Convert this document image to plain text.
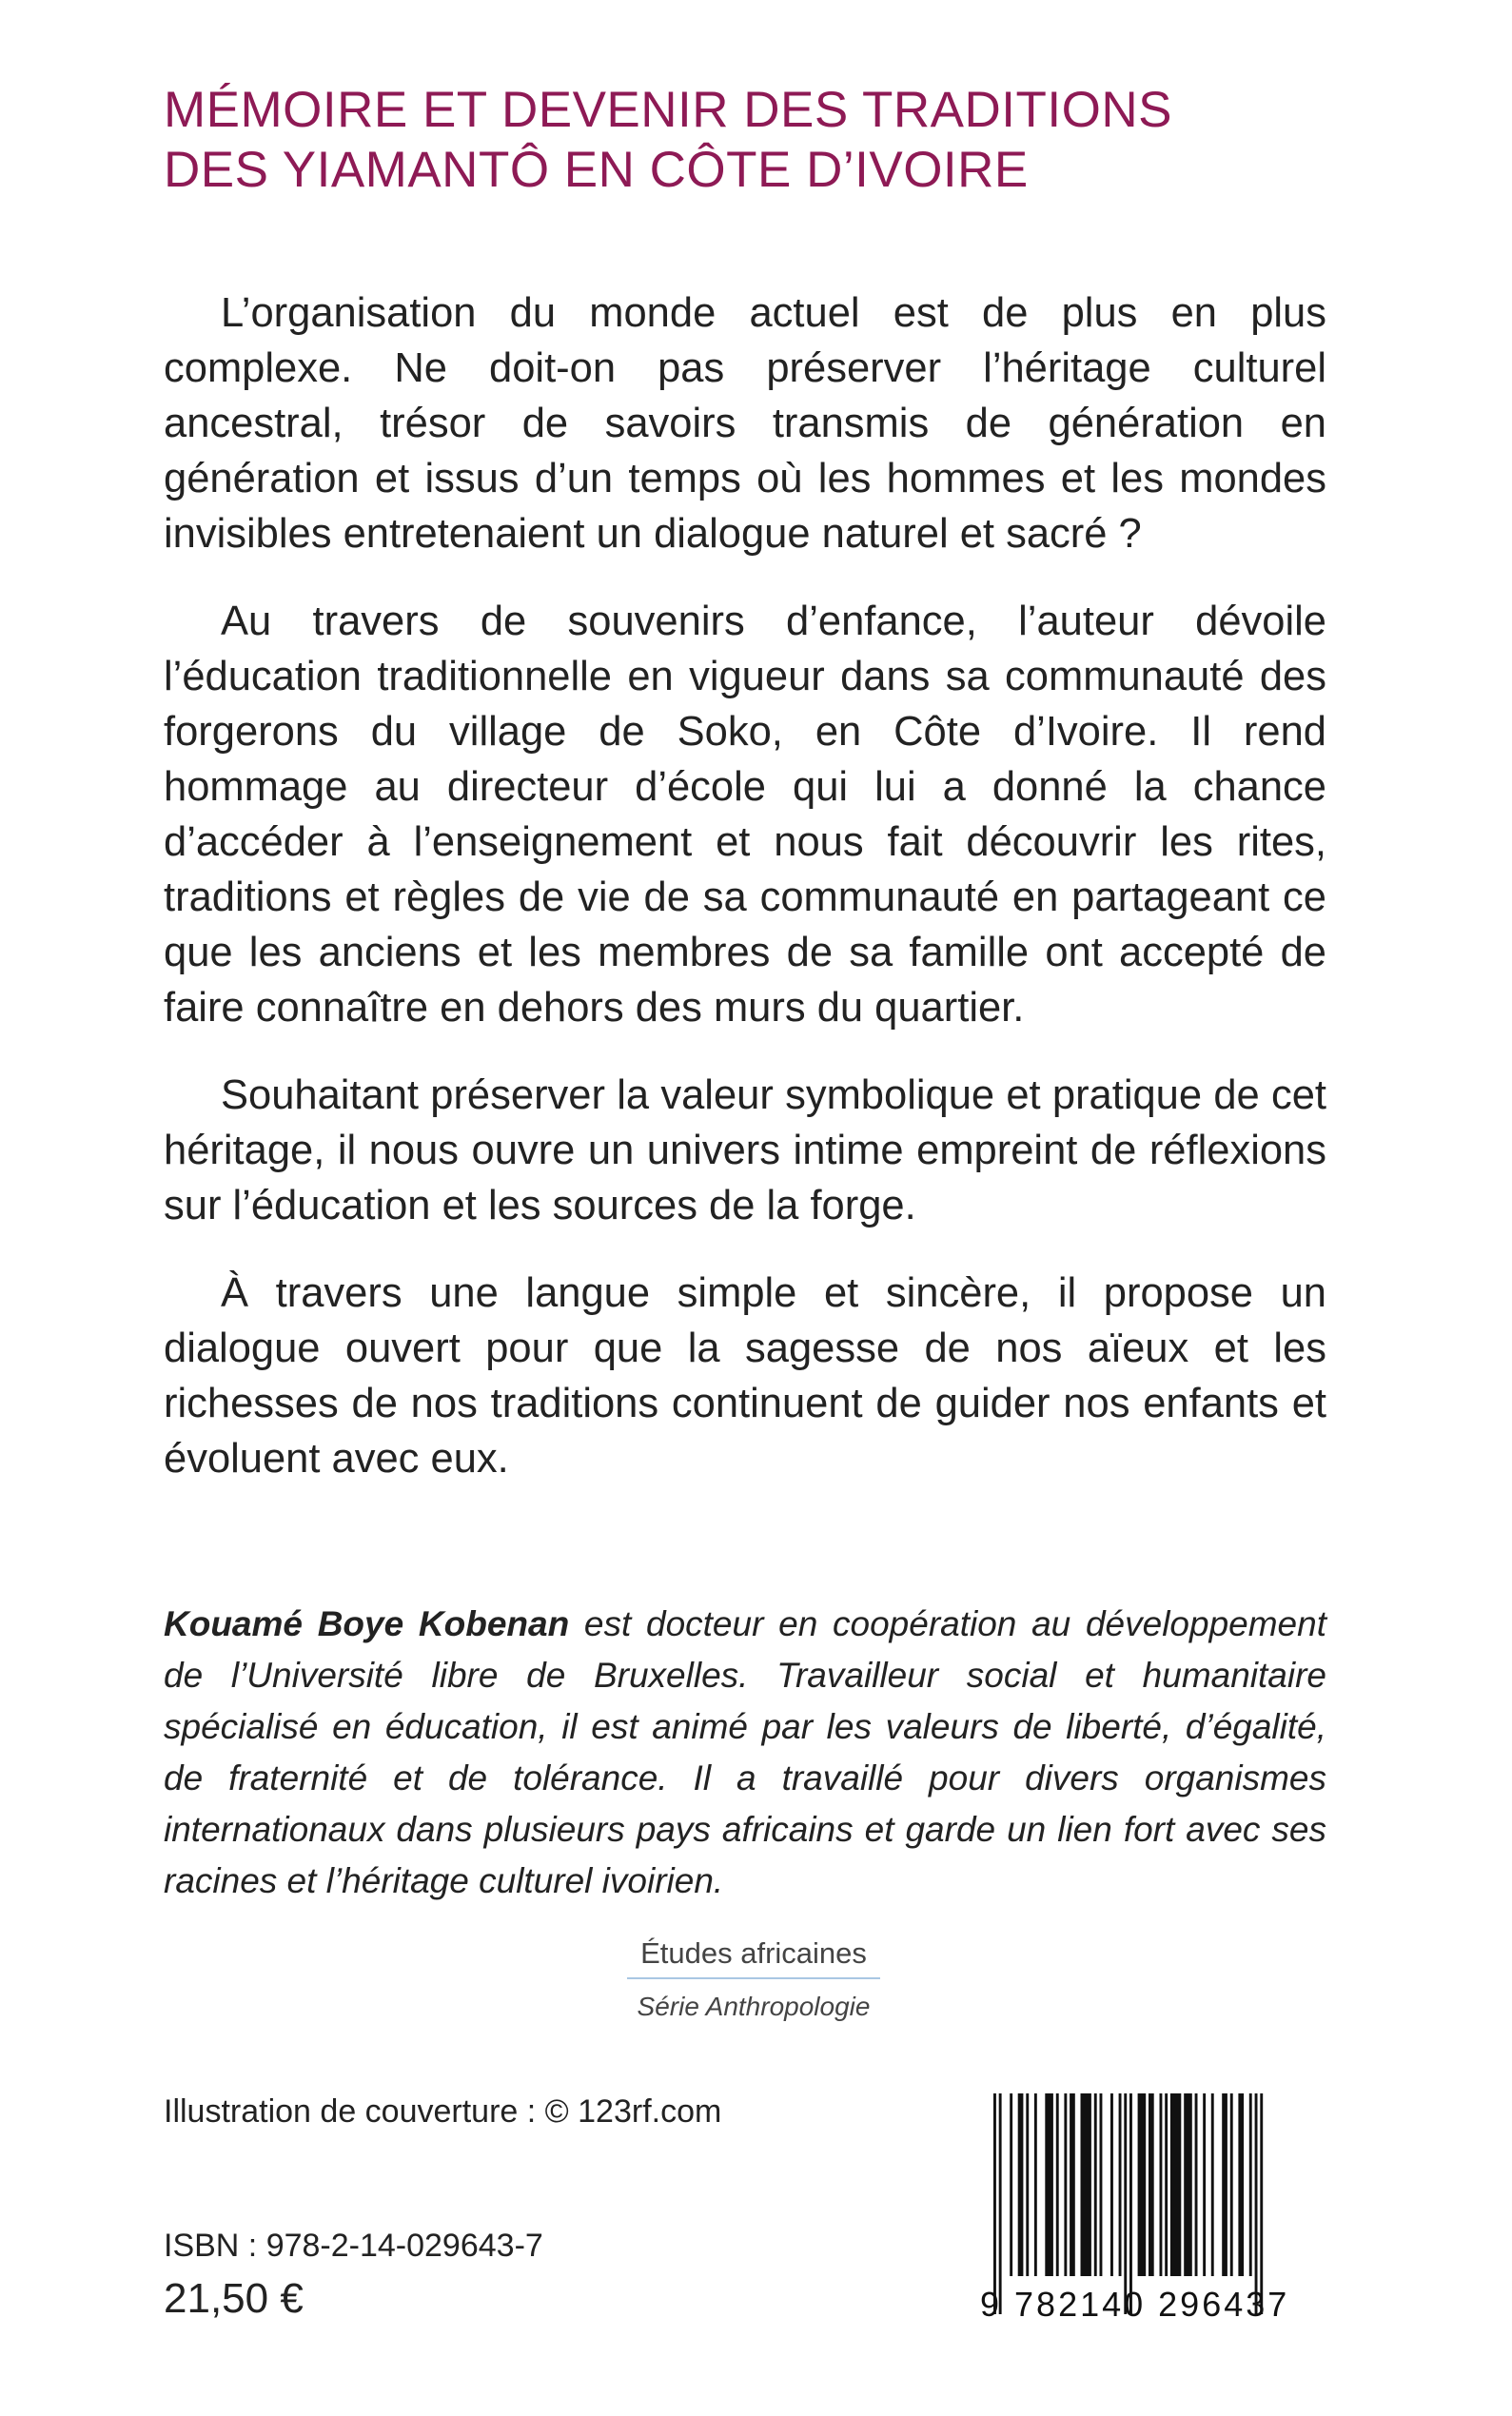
MÉMOIRE ET DEVENIR DES TRADITIONS
DES YIAMANTÔ EN CÔTE D’IVOIRE

L’organisation du monde actuel est de plus en plus complexe. Ne doit-on pas préserver l’héritage culturel ancestral, trésor de savoirs transmis de génération en génération et issus d’un temps où les hommes et les mondes invisibles entretenaient un dialogue naturel et sacré ?

Au travers de souvenirs d’enfance, l’auteur dévoile l’éducation traditionnelle en vigueur dans sa communauté des forgerons du village de Soko, en Côte d’Ivoire. Il rend hommage au directeur d’école qui lui a donné la chance d’accéder à l’enseignement et nous fait découvrir les rites, traditions et règles de vie de sa communauté en partageant ce que les anciens et les membres de sa famille ont accepté de faire connaître en dehors des murs du quartier.

Souhaitant préserver la valeur symbolique et pratique de cet héritage, il nous ouvre un univers intime empreint de réflexions sur l’éducation et les sources de la forge.

À travers une langue simple et sincère, il propose un dialogue ouvert pour que la sagesse de nos aïeux et les richesses de nos traditions continuent de guider nos enfants et évoluent avec eux.

Kouamé Boye Kobenan est docteur en coopération au développement de l’Université libre de Bruxelles. Travailleur social et humanitaire spécialisé en éducation, il est animé par les valeurs de liberté, d’égalité, de fraternité et de tolérance. Il a travaillé pour divers organismes internationaux dans plusieurs pays africains et garde un lien fort avec ses racines et l’héritage culturel ivoirien.

Études africaines
Série Anthropologie
Illustration de couverture : © 123rf.com
ISBN : 978-2-14-029643-7
21,50 €	9 782140 296437
